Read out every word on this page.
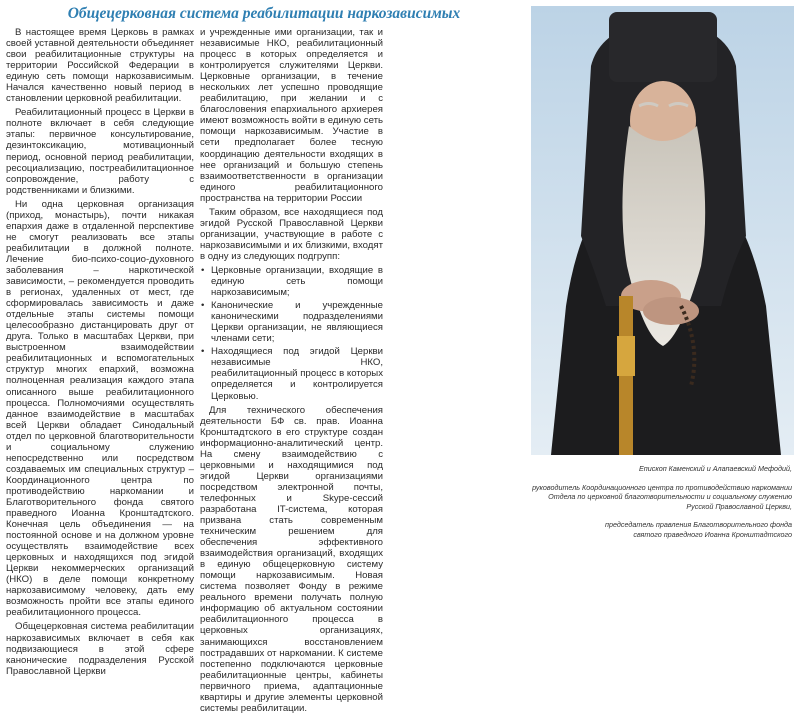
Общецерковная система реабилитации наркозависимых

В настоящее время Церковь в рамках своей уставной деятельности объединяет свои реабилитационные структуры на территории Российской Федерации в единую сеть помощи наркозависимым. Начался качественно новый период в становлении церковной реабилитации.

Реабилитационный процесс в Церкви в полноте включает в себя следующие этапы: первичное консультирование, дезинтоксикацию, мотивационный период, основной период реабилитации, ресоциализацию, постреабилитационное сопровождение, работу с родственниками и близкими.

Ни одна церковная организация (приход, монастырь), почти никакая епархия даже в отдаленной перспективе не смогут реализовать все этапы реабилитации в должной полноте. Лечение био-психо-социо-духовного заболевания – наркотической зависимости, – рекомендуется проводить в регионах, удаленных от мест, где сформировалась зависимость и даже отдельные этапы системы помощи целесообразно дистанцировать друг от друга. Только в масштабах Церкви, при выстроенном взаимодействии реабилитационных и вспомогательных структур многих епархий, возможна полноценная реализация каждого этапа описанного выше реабилитационного процесса. Полномочиями осуществлять данное взаимодействие в масштабах всей Церкви обладает Синодальный отдел по церковной благотворительности и социальному служению непосредственно или посредством создаваемых им специальных структур – Координационного центра по противодействию наркомании и Благотворительного фонда святого праведного Иоанна Кронштадтского. Конечная цель объединения — на постоянной основе и на должном уровне осуществлять взаимодействие всех церковных и находящихся под эгидой Церкви некоммерческих организаций (НКО) в деле помощи конкретному наркозависимому человеку, дать ему возможность пройти все этапы единого реабилитационного процесса.

Общецерковная система реабилитации наркозависимых включает в себя как подвизающиеся в этой сфере канонические подразделения Русской Православной Церкви

и учрежденные ими организации, так и независимые НКО, реабилитационный процесс в которых определяется и контролируется служителями Церкви. Церковные организации, в течение нескольких лет успешно проводящие реабилитацию, при желании и с благословения епархиального архиерея имеют возможность войти в единую сеть помощи наркозависимым. Участие в сети предполагает более тесную координацию деятельности входящих в нее организаций и большую степень взаимоответственности в организации единого реабилитационного пространства на территории России

Таким образом, все находящиеся под эгидой Русской Православной Церкви организации, участвующие в работе с наркозависимыми и их близкими, входят в одну из следующих подгрупп:

• Церковные организации, входящие в единую сеть помощи наркозависимым;
• Канонические и учрежденные каноническими подразделениями Церкви организации, не являющиеся членами сети;
• Находящиеся под эгидой Церкви независимые НКО, реабилитационный процесс в которых определяется и контролируется Церковью.

Для технического обеспечения деятельности БФ св. прав. Иоанна Кронштадтского в его структуре создан информационно-аналитический центр. На смену взаимодействию с церковными и находящимися под эгидой Церкви организациями посредством электронной почты, телефонных и Skype-сессий разработана IT-система, которая призвана стать современным техническим решением для обеспечения эффективного взаимодействия организаций, входящих в единую общецерковную систему помощи наркозависимым. Новая система позволяет Фонду в режиме реального времени получать полную информацию об актуальном состоянии реабилитационного процесса в церковных организациях, занимающихся восстановлением пострадавших от наркомании. К системе постепенно подключаются церковные реабилитационные центры, кабинеты первичного приема, адаптационные квартиры и другие элементы церковной системы реабилитации.

Епископ Каменский и Алапаевский Мефодий,
руководитель Координационного центра по противодействию наркомании
Отдела по церковной благотворительности и социальному служению
Русской Православной Церкви,
председатель правления Благотворительного фонда
святого праведного Иоанна Кронштадтского
